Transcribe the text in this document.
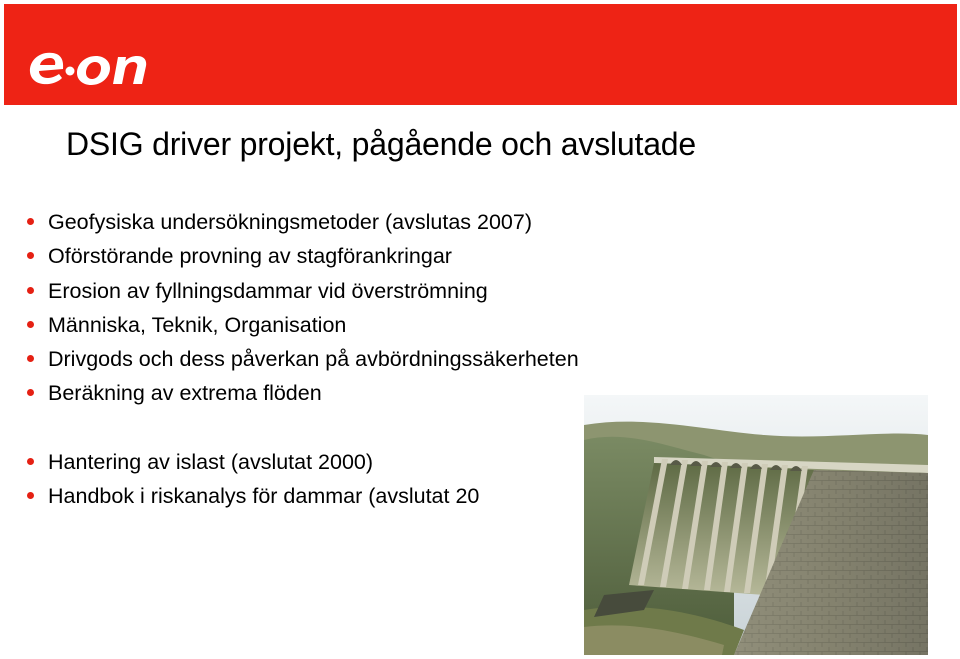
DSIG driver projekt, pågående och avslutade
Geofysiska undersökningsmetoder (avslutas 2007)
Oförstörande provning av stagförankringar
Erosion av fyllningsdammar vid överströmning
Människa, Teknik, Organisation
Drivgods och dess påverkan på avbördningssäkerheten
Beräkning av extrema flöden
Hantering av islast (avslutat 2000)
Handbok i riskanalys för dammar (avslutat 20
